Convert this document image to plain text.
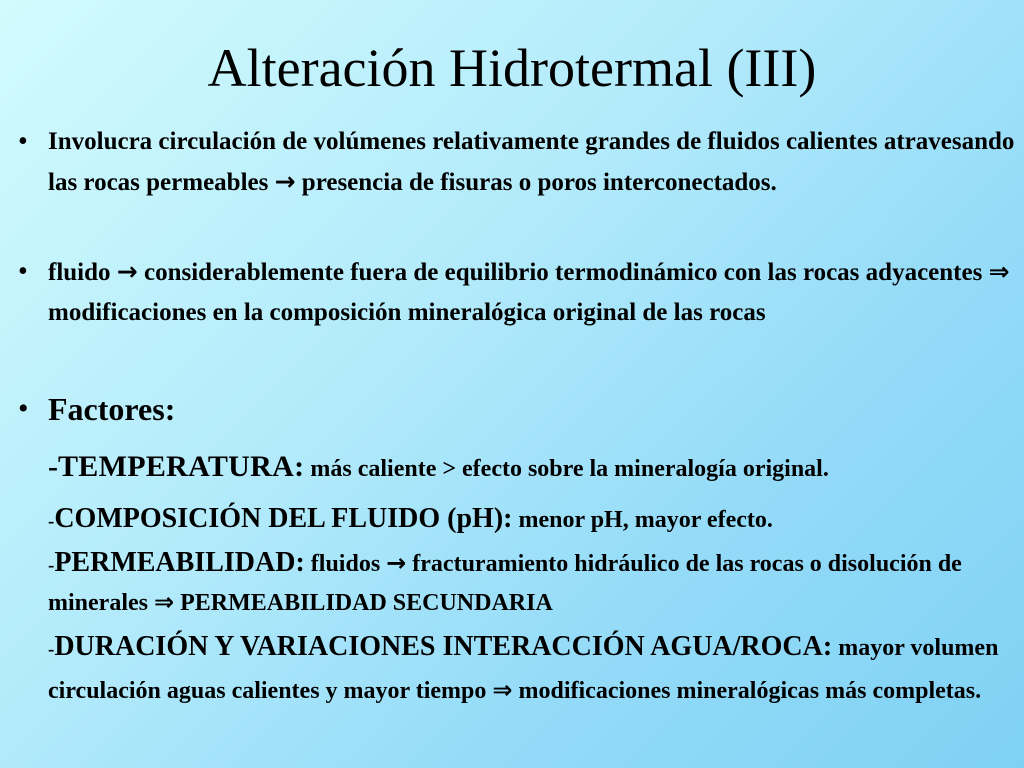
Alteración Hidrotermal (III)
• Involucra circulación de volúmenes relativamente grandes de fluidos calientes atravesando las rocas permeables → presencia de fisuras o poros interconectados.
• fluido → considerablemente fuera de equilibrio termodinámico con las rocas adyacentes ⇒ modificaciones en la composición mineralógica original de las rocas
• Factores:
-TEMPERATURA: más caliente > efecto sobre la mineralogía original.
-COMPOSICIÓN DEL FLUIDO (pH): menor pH, mayor efecto.
-PERMEABILIDAD: fluidos → fracturamiento hidráulico de las rocas o disolución de minerales ⇒ PERMEABILIDAD SECUNDARIA
-DURACIÓN Y VARIACIONES INTERACCIÓN AGUA/ROCA: mayor volumen circulación aguas calientes y mayor tiempo ⇒ modificaciones mineralógicas más completas.
